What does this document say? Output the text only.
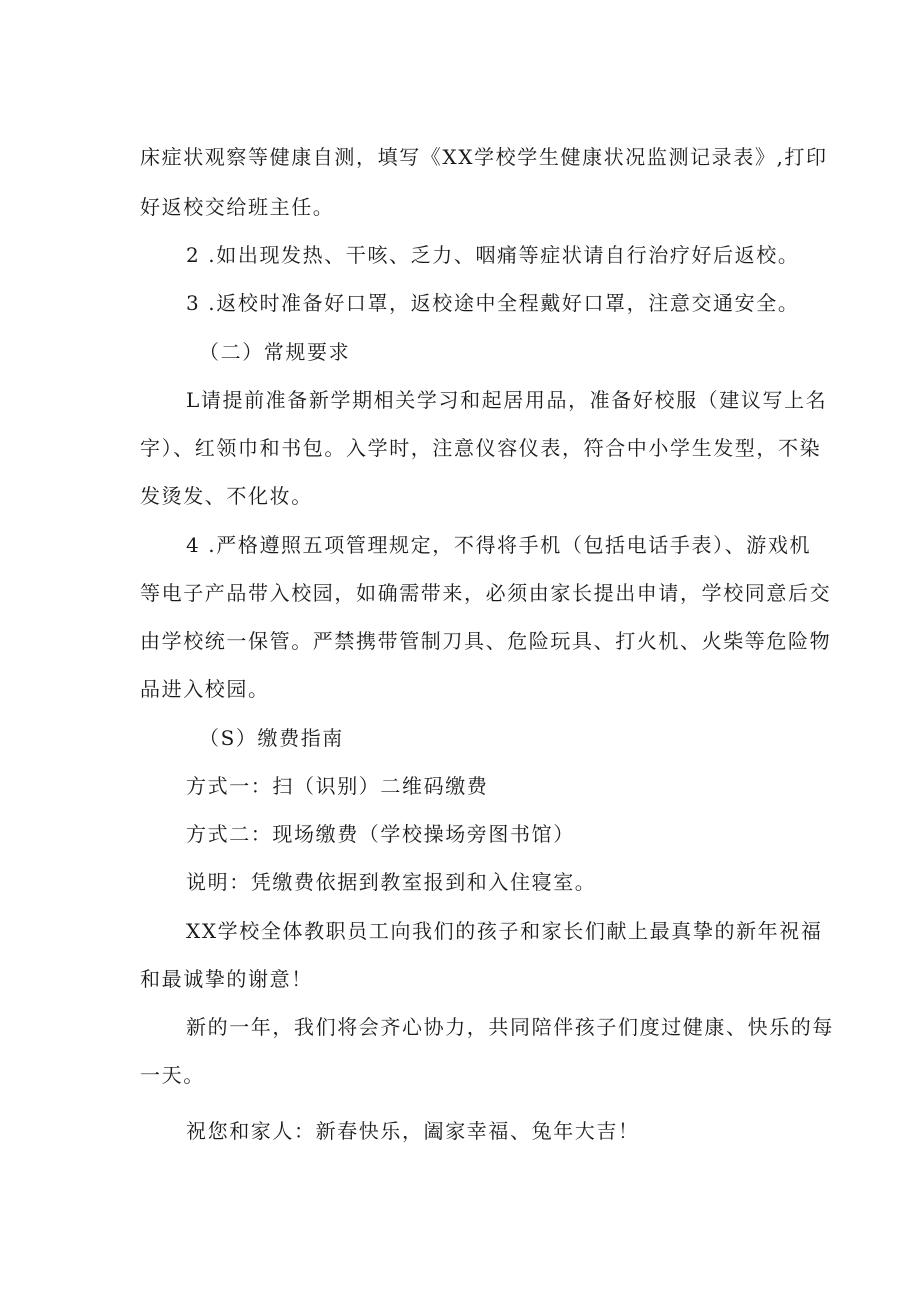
床症状观察等健康自测，填写《XX学校学生健康状况监测记录表》,打印
好返校交给班主任。
2 .如出现发热、干咳、乏力、咽痛等症状请自行治疗好后返校。
3 .返校时准备好口罩，返校途中全程戴好口罩，注意交通安全。
（二）常规要求
L请提前准备新学期相关学习和起居用品，准备好校服（建议写上名
字）、红领巾和书包。入学时，注意仪容仪表，符合中小学生发型，不染
发烫发、不化妆。
4 .严格遵照五项管理规定，不得将手机（包括电话手表）、游戏机
等电子产品带入校园，如确需带来，必须由家长提出申请，学校同意后交
由学校统一保管。严禁携带管制刀具、危险玩具、打火机、火柴等危险物
品进入校园。
（S）缴费指南
方式一：扫（识别）二维码缴费
方式二：现场缴费（学校操场旁图书馆）
说明：凭缴费依据到教室报到和入住寝室。
XX学校全体教职员工向我们的孩子和家长们献上最真挚的新年祝福
和最诚挚的谢意！
新的一年，我们将会齐心协力，共同陪伴孩子们度过健康、快乐的每
一天。
祝您和家人：新春快乐，阖家幸福、兔年大吉！
